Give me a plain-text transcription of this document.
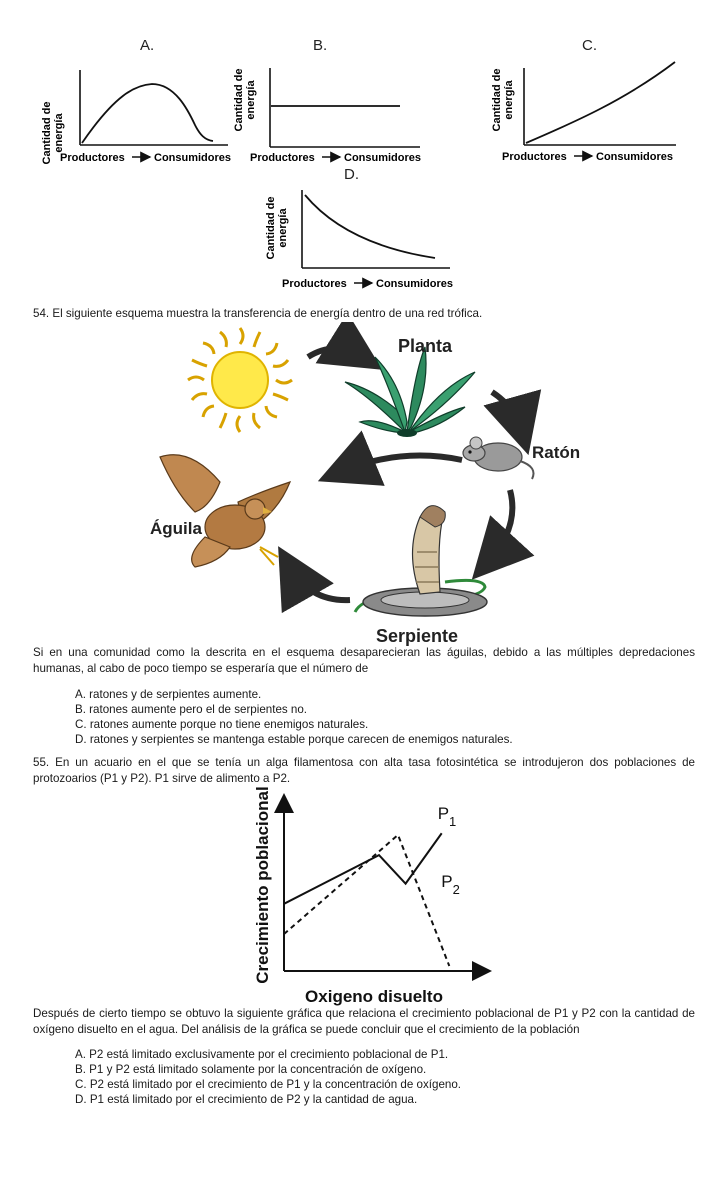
A.
Cantidad de energía
Productores	Consumidores
B.
Cantidad de energía
Productores	Consumidores
C.
Cantidad de energía
Productores	Consumidores
D.
Cantidad de energía
Productores	Consumidores
54. El siguiente esquema muestra la transferencia de energía dentro de una red trófica.
Planta
Ratón
Águila
Serpiente
Si en una comunidad como la descrita en el esquema desaparecieran las águilas, debido a las múltiples depredaciones humanas, al cabo de poco tiempo se esperaría que el número de
A. ratones y de serpientes aumente.
B. ratones aumente pero el de serpientes no.
C. ratones aumente porque no tiene enemigos naturales.
D. ratones y serpientes se mantenga estable porque carecen de enemigos naturales.
55. En un acuario en el que se tenía un alga filamentosa con alta tasa fotosintética se introdujeron dos poblaciones de protozoarios (P1 y P2). P1 sirve de alimento a P2.
Crecimiento poblacional
Oxigeno disuelto
$P_1$
$P_2$
Después de cierto tiempo se obtuvo la siguiente gráfica que relaciona el crecimiento poblacional de P1 y P2 con la cantidad de oxígeno disuelto en el agua. Del análisis de la gráfica se puede concluir que el crecimiento de la población
A. P2 está limitado exclusivamente por el crecimiento poblacional de P1.
B. P1 y P2 está limitado solamente por la concentración de oxígeno.
C. P2 está limitado por el crecimiento de P1 y la concentración de oxígeno.
D. P1 está limitado por el crecimiento de P2 y la cantidad de agua.
